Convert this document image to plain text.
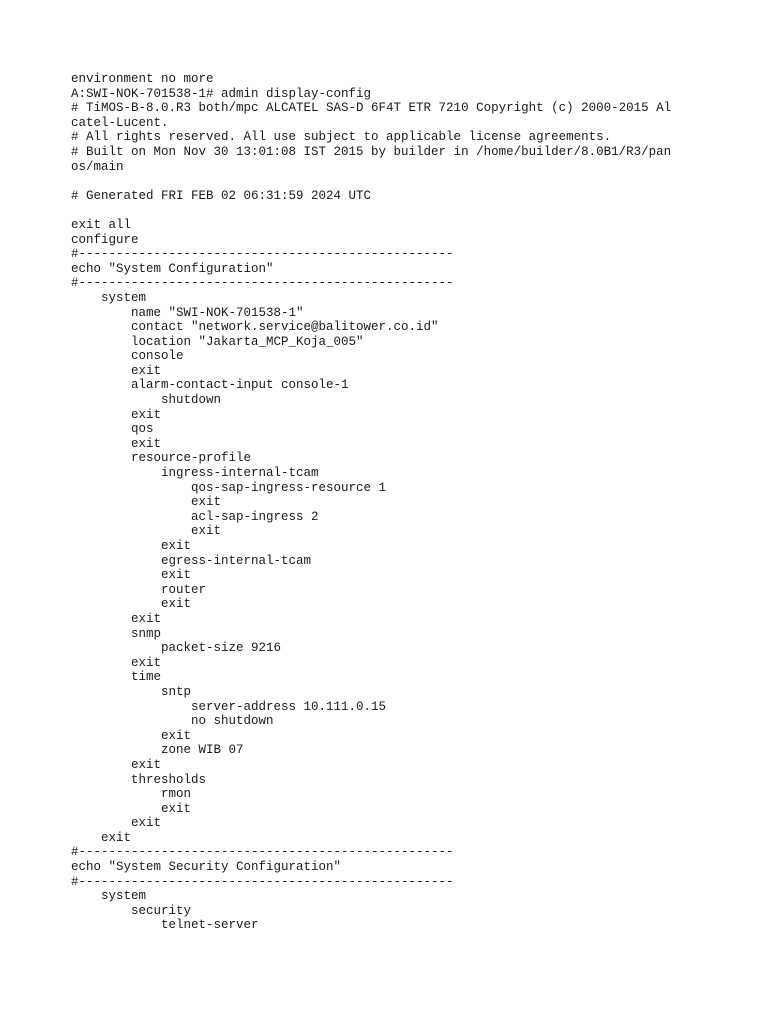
environment no more
A:SWI-NOK-701538-1# admin display-config
# TiMOS-B-8.0.R3 both/mpc ALCATEL SAS-D 6F4T ETR 7210 Copyright (c) 2000-2015 Al
catel-Lucent.
# All rights reserved. All use subject to applicable license agreements.
# Built on Mon Nov 30 13:01:08 IST 2015 by builder in /home/builder/8.0B1/R3/pan
os/main
# Generated FRI FEB 02 06:31:59 2024 UTC
exit all
configure
#--------------------------------------------------
echo "System Configuration"
#--------------------------------------------------
system
name "SWI-NOK-701538-1"
contact "network.service@balitower.co.id"
location "Jakarta_MCP_Koja_005"
console
exit
alarm-contact-input console-1
shutdown
exit
qos
exit
resource-profile
ingress-internal-tcam
qos-sap-ingress-resource 1
exit
acl-sap-ingress 2
exit
exit
egress-internal-tcam
exit
router
exit
exit
snmp
packet-size 9216
exit
time
sntp
server-address 10.111.0.15
no shutdown
exit
zone WIB 07
exit
thresholds
rmon
exit
exit
exit
#--------------------------------------------------
echo "System Security Configuration"
#--------------------------------------------------
system
security
telnet-server
